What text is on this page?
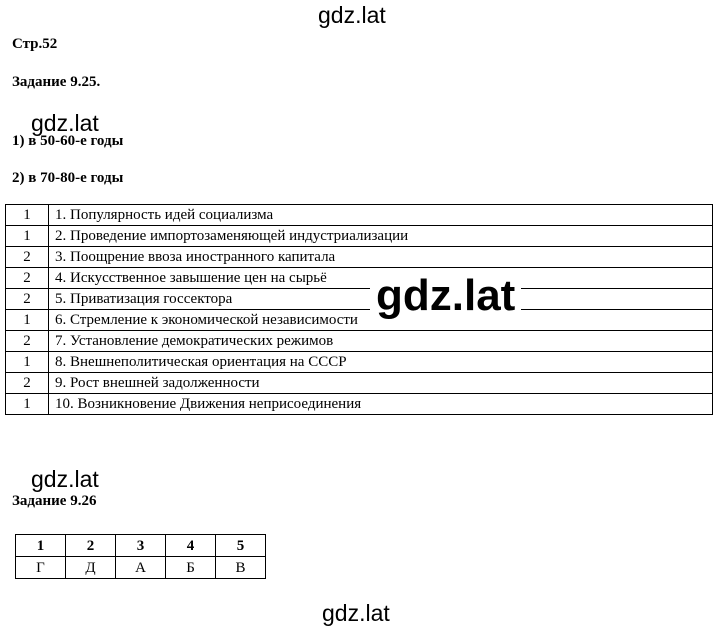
gdz.lat
Стр.52
Задание 9.25.
gdz.lat
1) в 50-60-е годы
2) в 70-80-е годы
1	1. Популярность идей социализма
1	2. Проведение импортозаменяющей индустриализации
2	3. Поощрение ввоза иностранного капитала
2	4. Искусственное завышение цен на сырьё
2	5. Приватизация госсектора
1	6. Стремление к экономической независимости
2	7. Установление демократических режимов
1	8. Внешнеполитическая ориентация на СССР
2	9. Рост внешней задолженности
1	10. Возникновение Движения неприсоединения
gdz.lat
gdz.lat
Задание 9.26
1	2	3	4	5
Г	Д	А	Б	В
gdz.lat
